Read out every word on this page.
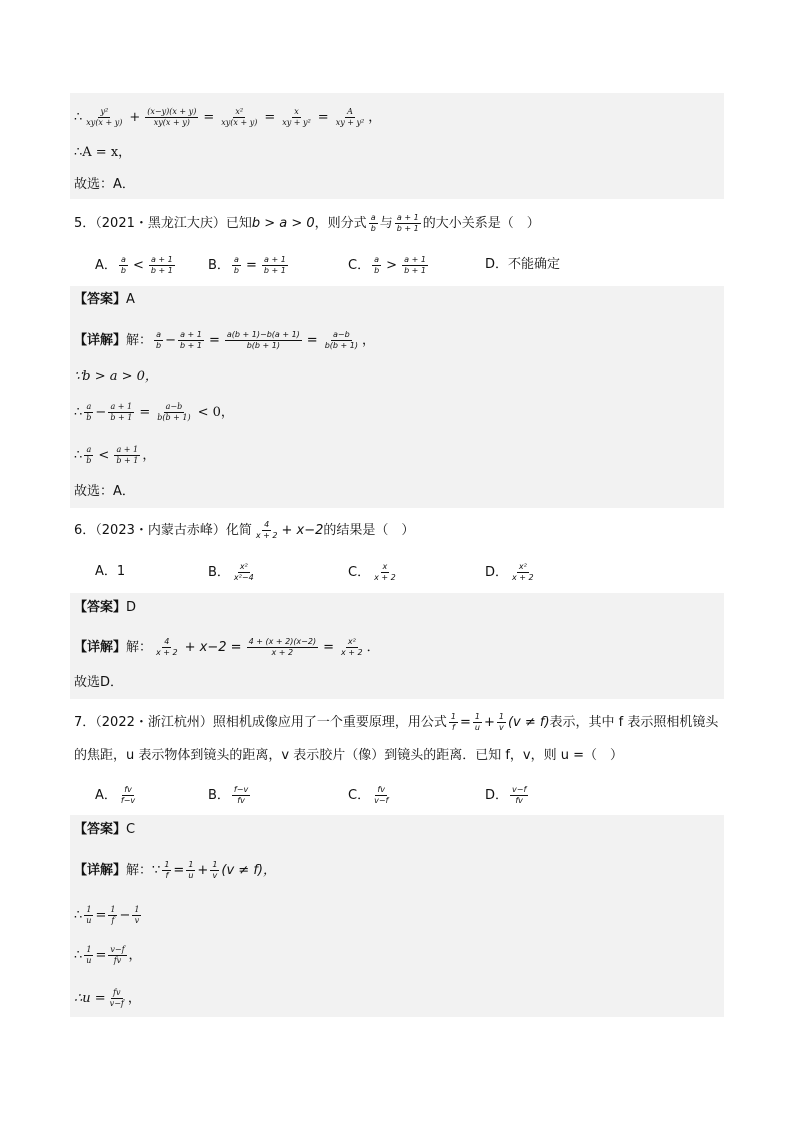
∴ $\frac{\text{y²}}{xy(x + y)} + \frac{(x-y)(x + y)}{xy(x + y)} = \frac{\text{x²}}{xy(x + y)} = \frac{x}{\text{xy + y²}} = \frac{A}{\text{xy + y²}}$ ，
∴A = x，
故选：A．
5．（2021・黑龙江大庆）已知 b > a > 0 ，则分式 $\frac{a}{b}$ 与 $\frac{a + 1}{b + 1}$ 的大小关系是（　）
A． $\frac{a}{b} < \frac{a + 1}{b + 1}$	B． $\frac{a}{b} = \frac{a + 1}{b + 1}$	C． $\frac{a}{b} > \frac{a + 1}{b + 1}$	D． 不能确定
【答案】 A
【详解】 解： $\frac{a}{b} - \frac{a + 1}{b + 1} = \frac{a(b + 1)-b(a + 1)}{b(b + 1)} = \frac{a-b}{b(b + 1)}$ ，
∵b > a > 0，
∴ $\frac{a}{b} - \frac{a + 1}{b + 1} = \frac{a-b}{b(b + 1)} < 0$，
∴ $\frac{a}{b} < \frac{a + 1}{b + 1}$ ，
故选：A．
6．（2023・内蒙古赤峰）化简 $\frac{4}{x + 2} + x-2$ 的结果是（　）
A． 1	B． $\frac{\text{x²}}{\text{x²−4}}$	C． $\frac{x}{x + 2}$	D． $\frac{\text{x²}}{x + 2}$
【答案】 D
【详解】 解： $\frac{4}{x + 2} + x-2 = \frac{4 + (x + 2)(x-2)}{x + 2} = \frac{\text{x²}}{x + 2}$ ．
故选D．
7．（2022・浙江杭州）照相机成像应用了一个重要原理，用公式 $\frac{1}{f} = \frac{1}{u} + \frac{1}{v} (v \ne f)$ 表示，其中 f 表示照相机镜头
的焦距，u 表示物体到镜头的距离，v 表示胶片（像）到镜头的距离．已知 f，v，则 u =（　）
A． $\frac{fv}{f-v}$	B． $\frac{f-v}{fv}$	C． $\frac{fv}{v-f}$	D． $\frac{v-f}{fv}$
【答案】 C
【详解】 解： ∵ $\frac{1}{f} = \frac{1}{u} + \frac{1}{v} (v \ne f)$，
∴ $\frac{1}{u} = \frac{1}{f} - \frac{1}{v}$
∴ $\frac{1}{u} = \frac{v-f}{fv}$ ，
∴u = $\frac{fv}{v-f}$ ，
